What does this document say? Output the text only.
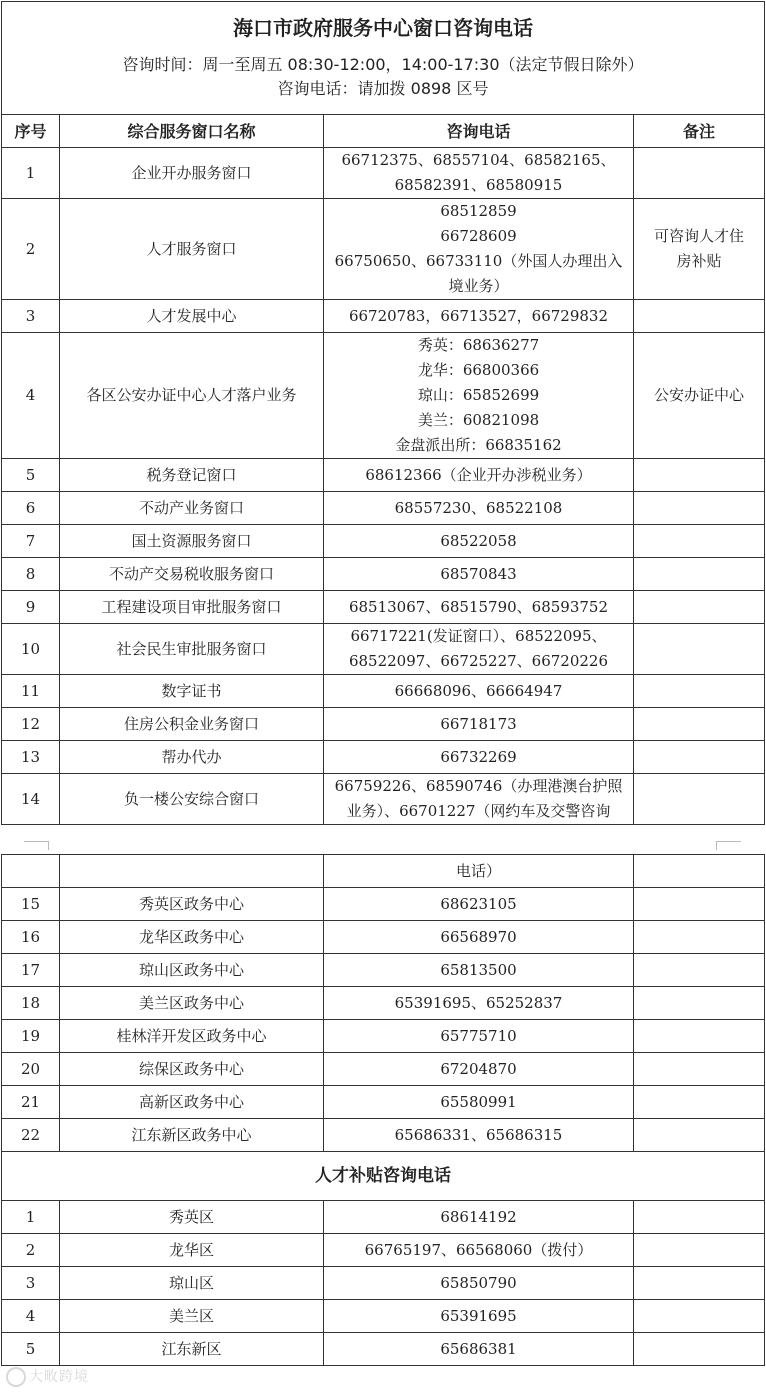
海口市政府服务中心窗口咨询电话
咨询时间：周一至周五 08:30-12:00，14:00-17:30（法定节假日除外）
咨询电话：请加拨 0898 区号			

序号	综合服务窗口名称	咨询电话	备注
1	企业开办服务窗口	66712375、68557104、68582165、
68582391、68580915	

2	人才服务窗口	68512859
66728609
66750650、66733110（外国人办理出入
境业务）	可咨询人才住
房补贴

3	人才发展中心	66720783，66713527，66729832	

4	各区公安办证中心人才落户业务	秀英：68636277
龙华：66800366
琼山：65852699
美兰：60821098
金盘派出所：66835162	公安办证中心

5	税务登记窗口	68612366（企业开办涉税业务）	

6	不动产业务窗口	68557230、68522108	

7	国土资源服务窗口	68522058	

8	不动产交易税收服务窗口	68570843	

9	工程建设项目审批服务窗口	68513067、68515790、68593752	

10	社会民生审批服务窗口	66717221(发证窗口）、68522095、
68522097、66725227、66720226	

11	数字证书	66668096、66664947	

12	住房公积金业务窗口	66718173	

13	帮办代办	66732269	

14	负一楼公安综合窗口	66759226、68590746（办理港澳台护照
业务）、66701227（网约车及交警咨询	

		电话）	
15	秀英区政务中心	68623105	
16	龙华区政务中心	66568970	
17	琼山区政务中心	65813500	
18	美兰区政务中心	65391695、65252837	
19	桂林洋开发区政务中心	65775710	
20	综保区政务中心	67204870	
21	高新区政务中心	65580991	
22	江东新区政务中心	65686331、65686315	
人才补贴咨询电话			
1	秀英区	68614192	
2	龙华区	66765197、66568060（拨付）	
3	琼山区	65850790	
4	美兰区	65391695	
5	江东新区	65686381	
大畋跨境
